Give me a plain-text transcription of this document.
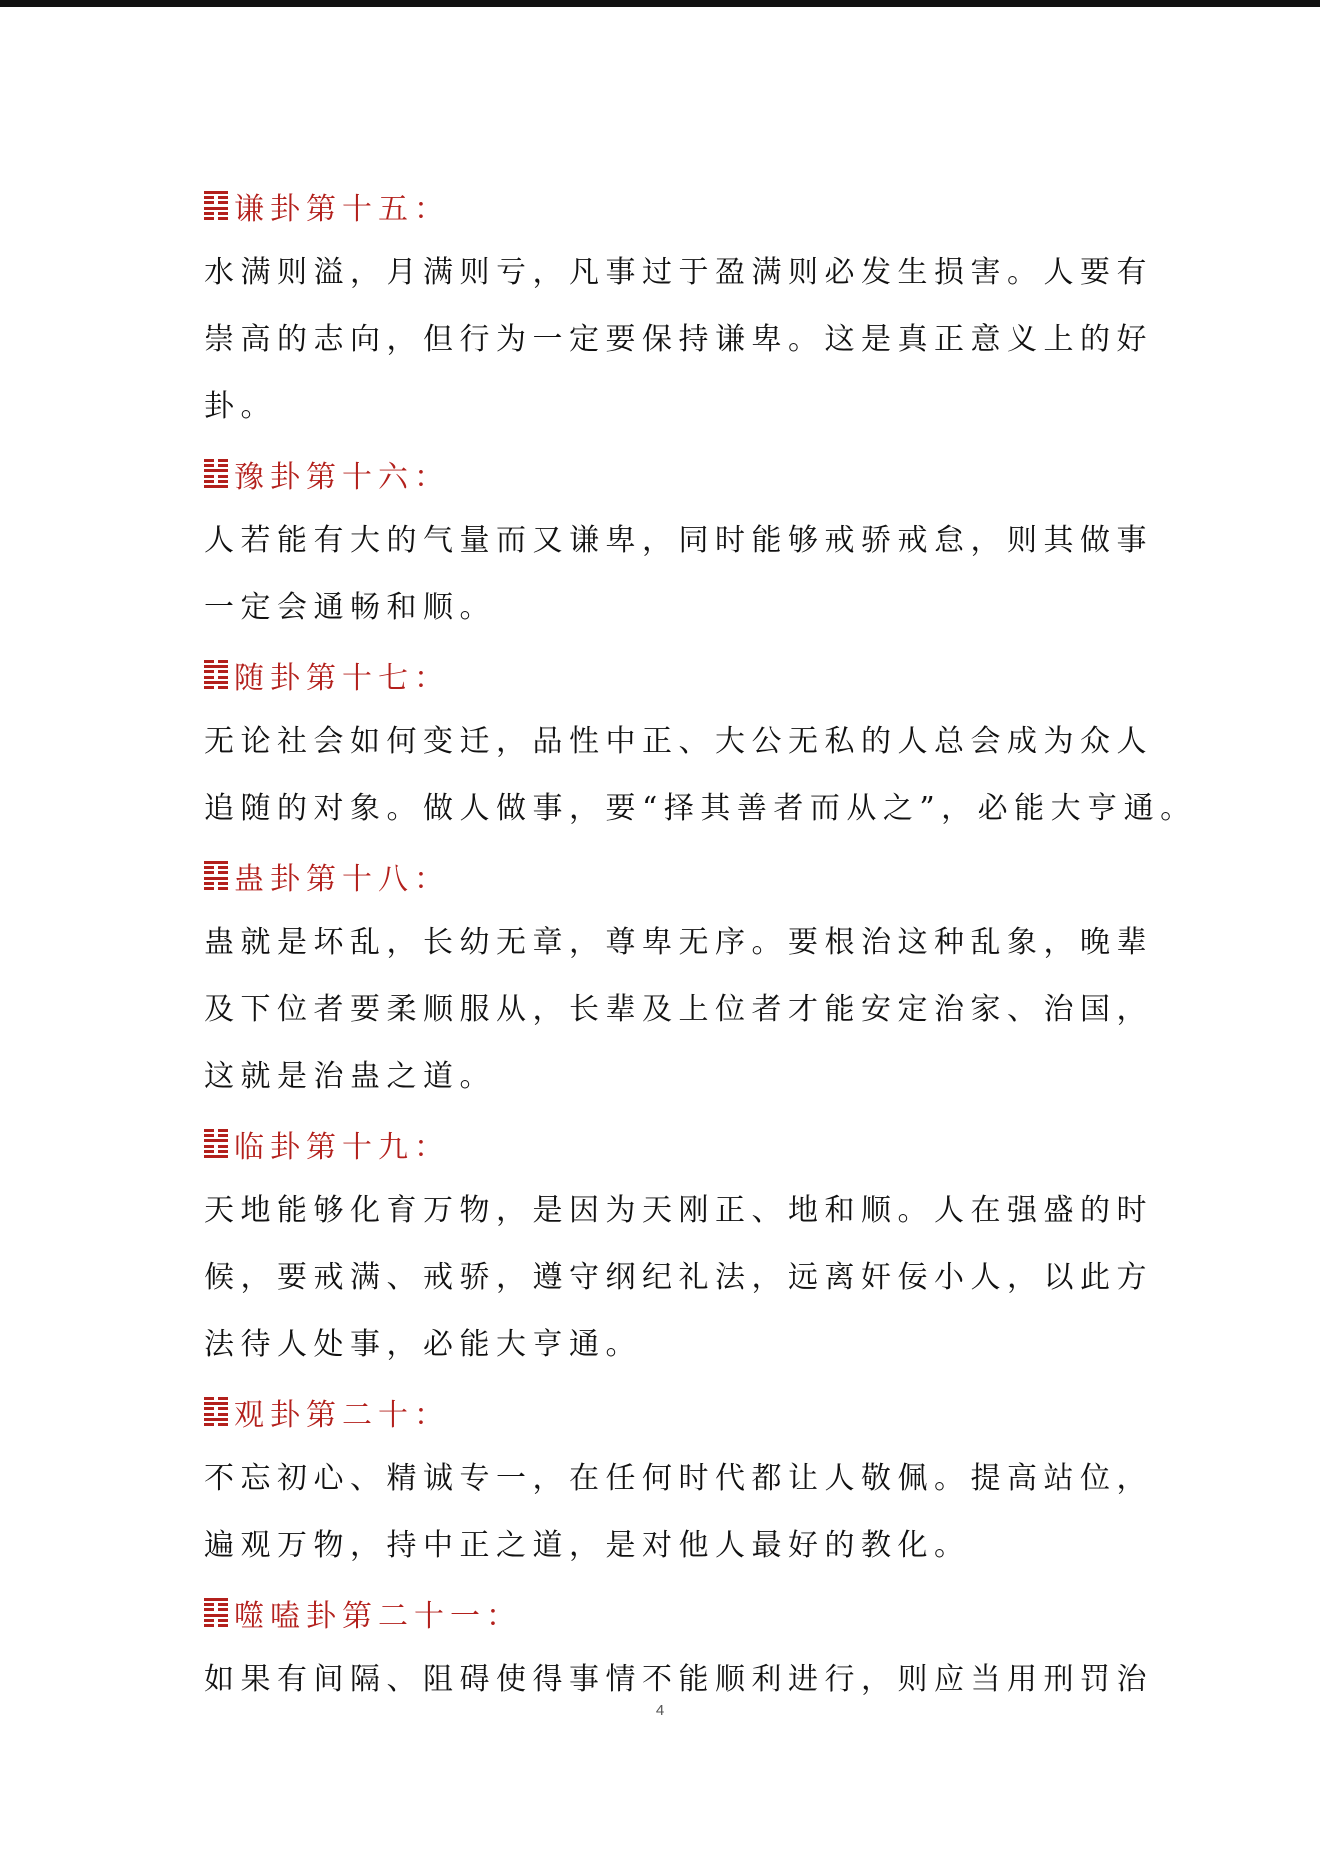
谦卦第十五：
水满则溢，月满则亏，凡事过于盈满则必发生损害。人要有
崇高的志向，但行为一定要保持谦卑。这是真正意义上的好
卦。
豫卦第十六：
人若能有大的气量而又谦卑，同时能够戒骄戒怠，则其做事
一定会通畅和顺。
随卦第十七：
无论社会如何变迁，品性中正、大公无私的人总会成为众人
追随的对象。做人做事，要“择其善者而从之”，必能大亨通。
蛊卦第十八：
蛊就是坏乱，长幼无章，尊卑无序。要根治这种乱象，晚辈
及下位者要柔顺服从，长辈及上位者才能安定治家、治国，
这就是治蛊之道。
临卦第十九：
天地能够化育万物，是因为天刚正、地和顺。人在强盛的时
候，要戒满、戒骄，遵守纲纪礼法，远离奸佞小人，以此方
法待人处事，必能大亨通。
观卦第二十：
不忘初心、精诚专一，在任何时代都让人敬佩。提高站位，
遍观万物，持中正之道，是对他人最好的教化。
噬嗑卦第二十一：
如果有间隔、阻碍使得事情不能顺利进行，则应当用刑罚治
4
